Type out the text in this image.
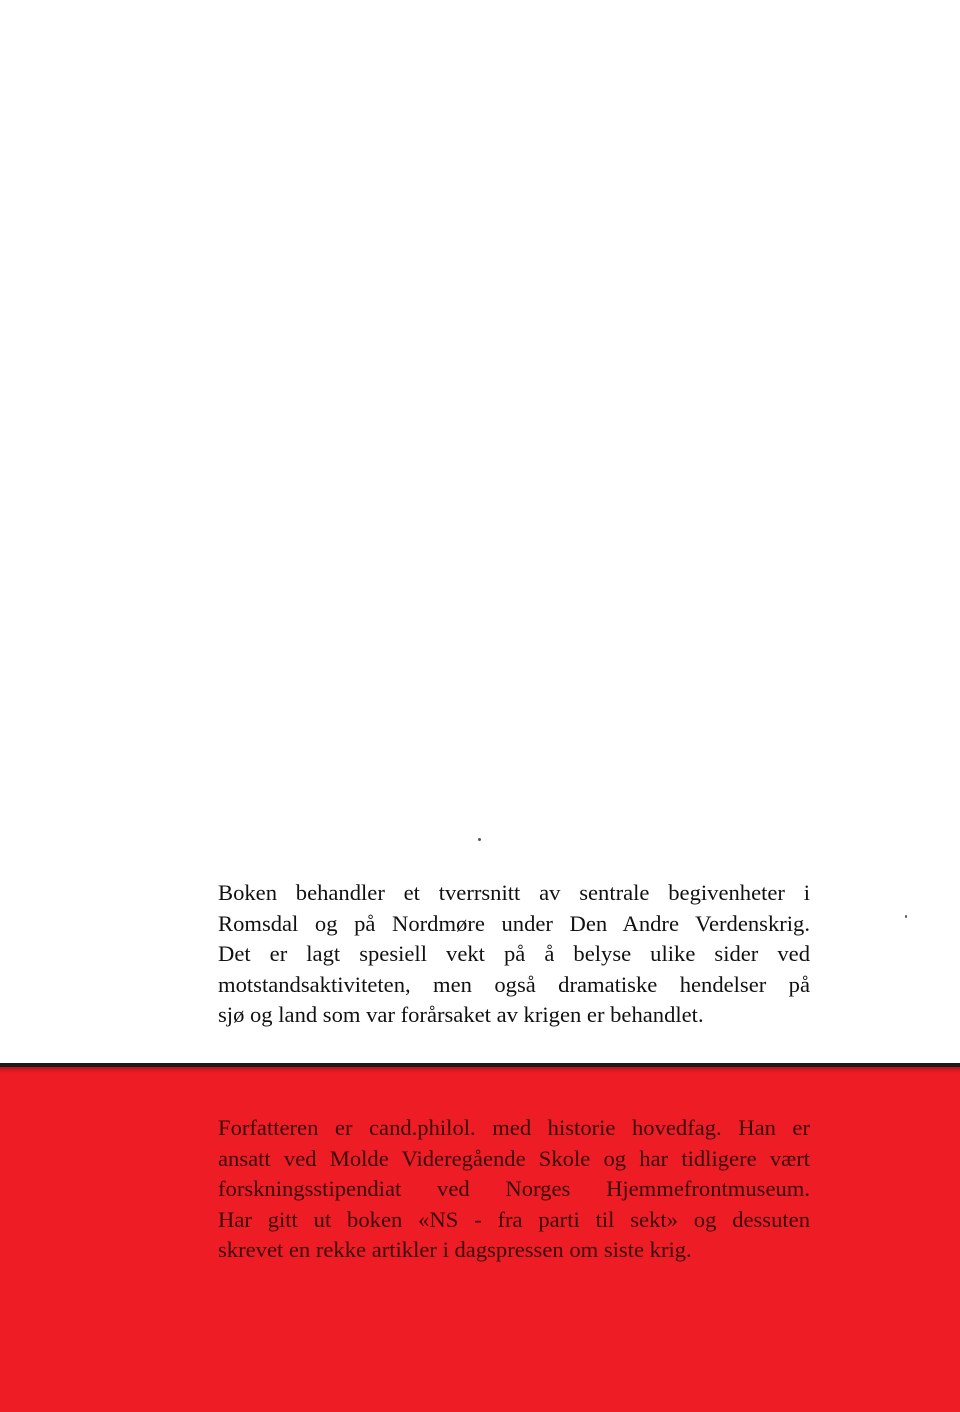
Boken behandler et tverrsnitt av sentrale begivenheter i
Romsdal og på Nordmøre under Den Andre Verdenskrig.
Det er lagt spesiell vekt på å belyse ulike sider ved
motstandsaktiviteten, men også dramatiske hendelser på
sjø og land som var forårsaket av krigen er behandlet.

Forfatteren er cand.philol. med historie hovedfag. Han er
ansatt ved Molde Videregående Skole og har tidligere vært
forskningsstipendiat ved Norges Hjemmefrontmuseum.
Har gitt ut boken «NS - fra parti til sekt» og dessuten
skrevet en rekke artikler i dagspressen om siste krig.
